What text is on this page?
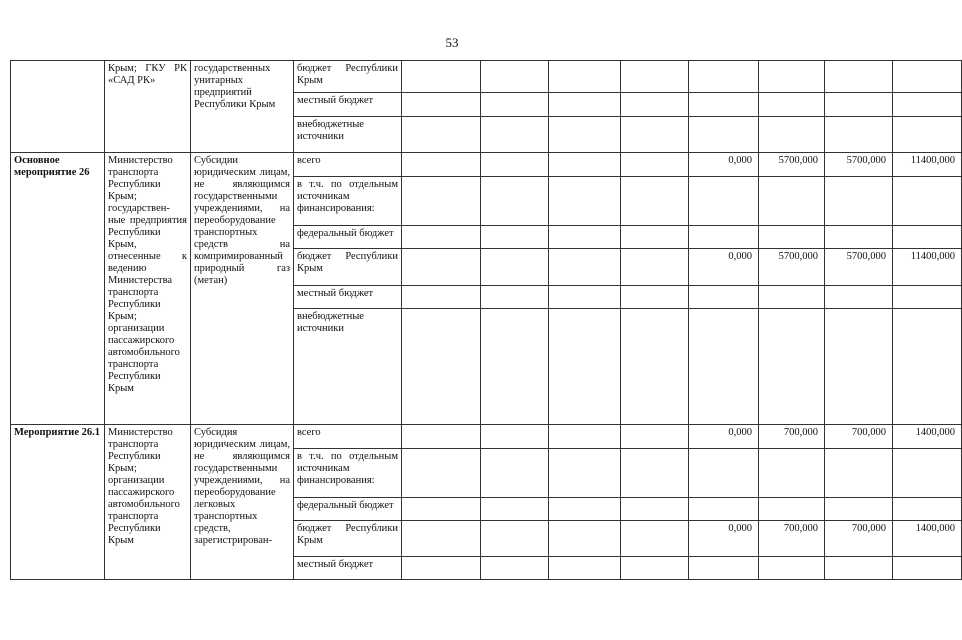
53
	Крым; ГКУ РК «САД РК»	государственных унитарных предприятий Республики Крым	бюджет Республики Крым								
			местный бюджет								
			внебюджетные источники								
Основное мероприятие 26	Министерство транспорта Республики Крым; государствен-ные предприятия Республики Крым, отнесенные к ведению Министерства транспорта Республики Крым; организации пассажирского автомобильного транспорта Республики Крым	Субсидии юридическим лицам, не являющимся государственными учреждениями, на переоборудование транспортных средств на компримированный природный газ (метан)	всего					0,000	5700,000	5700,000	11400,000
			в т.ч. по отдельным источникам финансирования:								
			федеральный бюджет								
			бюджет Республики Крым					0,000	5700,000	5700,000	11400,000
			местный бюджет								
			внебюджетные источники								
Мероприятие 26.1	Министерство транспорта Республики Крым; организации пассажирского автомобильного транспорта Республики Крым	Субсидия юридическим лицам, не являющимся государственными учреждениями, на переоборудование легковых транспортных средств, зарегистрирован-	всего					0,000	700,000	700,000	1400,000
			в т.ч. по отдельным источникам финансирования:								
			федеральный бюджет								
			бюджет Республики Крым					0,000	700,000	700,000	1400,000
			местный бюджет								
